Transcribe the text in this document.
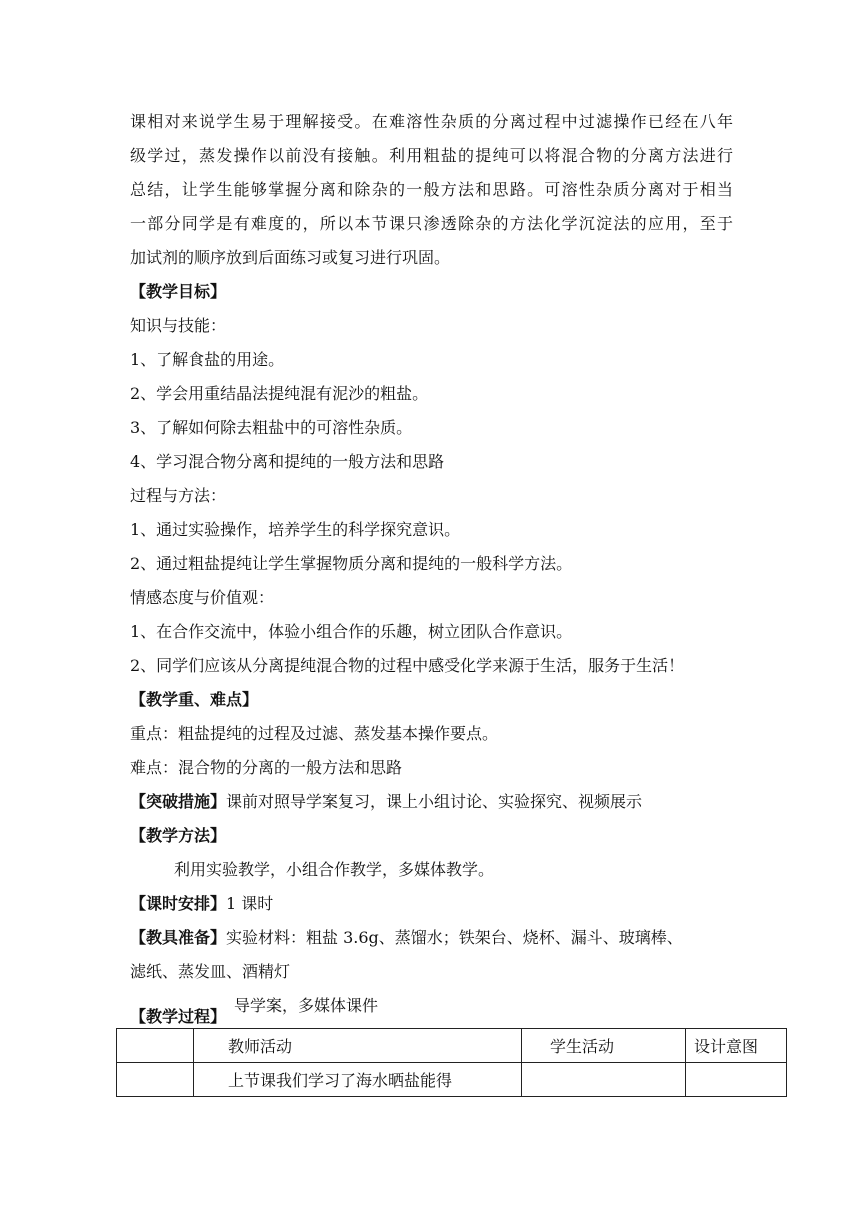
课相对来说学生易于理解接受。在难溶性杂质的分离过程中过滤操作已经在八年
级学过，蒸发操作以前没有接触。利用粗盐的提纯可以将混合物的分离方法进行
总结，让学生能够掌握分离和除杂的一般方法和思路。可溶性杂质分离对于相当
一部分同学是有难度的，所以本节课只渗透除杂的方法化学沉淀法的应用，至于
加试剂的顺序放到后面练习或复习进行巩固。
【教学目标】
知识与技能：
1、了解食盐的用途。
2、学会用重结晶法提纯混有泥沙的粗盐。
3、了解如何除去粗盐中的可溶性杂质。
4、学习混合物分离和提纯的一般方法和思路
过程与方法：
1、通过实验操作，培养学生的科学探究意识。
2、通过粗盐提纯让学生掌握物质分离和提纯的一般科学方法。
情感态度与价值观：
1、在合作交流中，体验小组合作的乐趣，树立团队合作意识。
2、同学们应该从分离提纯混合物的过程中感受化学来源于生活，服务于生活！
【教学重、难点】
重点：粗盐提纯的过程及过滤、蒸发基本操作要点。
难点：混合物的分离的一般方法和思路
【突破措施】课前对照导学案复习，课上小组讨论、实验探究、视频展示
【教学方法】
利用实验教学，小组合作教学，多媒体教学。
【课时安排】1 课时
【教具准备】实验材料：粗盐 3.6g、蒸馏水；铁架台、烧杯、漏斗、玻璃棒、
滤纸、蒸发皿、酒精灯
导学案，多媒体课件
【教学过程】
	教师活动	学生活动	设计意图
	上节课我们学习了海水晒盐能得		
